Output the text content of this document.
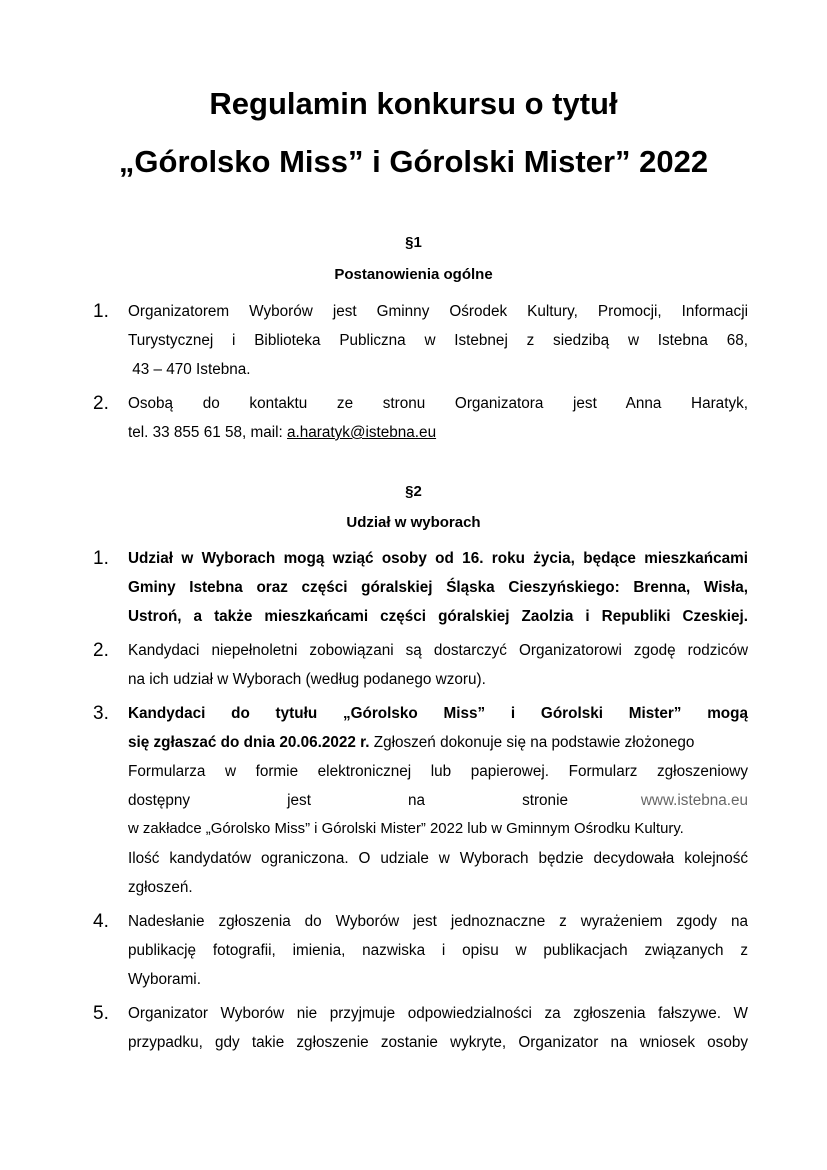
Regulamin konkursu o tytuł
„Górolsko Miss” i Górolski Mister” 2022
§1
Postanowienia ogólne
1. Organizatorem Wyborów jest Gminny Ośrodek Kultury, Promocji, Informacji
Turystycznej i Biblioteka Publiczna w Istebnej z siedzibą w Istebna 68,
43 – 470 Istebna.
2. Osobą do kontaktu ze stronu Organizatora jest Anna Haratyk,
tel. 33 855 61 58, mail: a.haratyk@istebna.eu
§2
Udział w wyborach
1. Udział w Wyborach mogą wziąć osoby od 16. roku życia, będące mieszkańcami
Gminy Istebna oraz części góralskiej Śląska Cieszyńskiego: Brenna, Wisła,
Ustroń, a także mieszkańcami części góralskiej Zaolzia i Republiki Czeskiej.
2. Kandydaci niepełnoletni zobowiązani są dostarczyć Organizatorowi zgodę rodziców
na ich udział w Wyborach (według podanego wzoru).
3. Kandydaci do tytułu „Górolsko Miss” i Górolski Mister” mogą
się zgłaszać do dnia 20.06.2022 r. Zgłoszeń dokonuje się na podstawie złożonego
Formularza w formie elektronicznej lub papierowej. Formularz zgłoszeniowy
dostępny	jest	na	stronie	www.istebna.eu
w zakładce „Górolsko Miss” i Górolski Mister” 2022 lub w Gminnym Ośrodku Kultury.
Ilość kandydatów ograniczona. O udziale w Wyborach będzie decydowała kolejność
zgłoszeń.
4. Nadesłanie zgłoszenia do Wyborów jest jednoznaczne z wyrażeniem zgody na
publikację fotografii, imienia, nazwiska i opisu w publikacjach związanych z
Wyborami.
5. Organizator Wyborów nie przyjmuje odpowiedzialności za zgłoszenia fałszywe. W
przypadku, gdy takie zgłoszenie zostanie wykryte, Organizator na wniosek osoby
